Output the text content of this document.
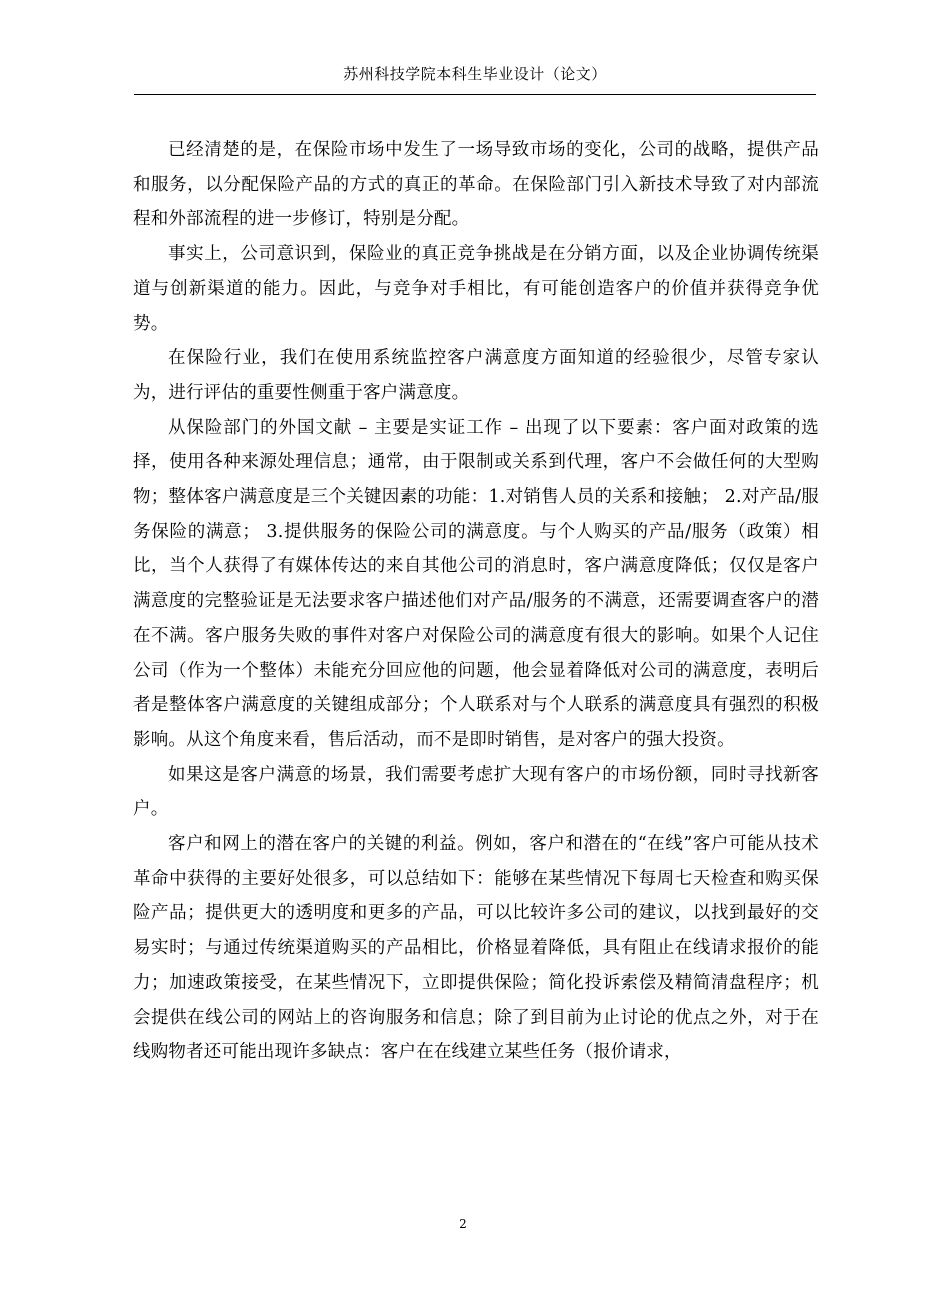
苏州科技学院本科生毕业设计（论文）

已经清楚的是，在保险市场中发生了一场导致市场的变化，公司的战略，提供产品和服务，以分配保险产品的方式的真正的革命。在保险部门引入新技术导致了对内部流程和外部流程的进一步修订，特别是分配。

事实上，公司意识到，保险业的真正竞争挑战是在分销方面，以及企业协调传统渠道与创新渠道的能力。因此，与竞争对手相比，有可能创造客户的价值并获得竞争优势。

在保险行业，我们在使用系统监控客户满意度方面知道的经验很少，尽管专家认为，进行评估的重要性侧重于客户满意度。

从保险部门的外国文献 – 主要是实证工作 – 出现了以下要素：客户面对政策的选择，使用各种来源处理信息；通常，由于限制或关系到代理，客户不会做任何的大型购物；整体客户满意度是三个关键因素的功能：1.对销售人员的关系和接触； 2.对产品/服务保险的满意； 3.提供服务的保险公司的满意度。与个人购买的产品/服务（政策）相比，当个人获得了有媒体传达的来自其他公司的消息时，客户满意度降低；仅仅是客户满意度的完整验证是无法要求客户描述他们对产品/服务的不满意，还需要调查客户的潜在不满。客户服务失败的事件对客户对保险公司的满意度有很大的影响。如果个人记住公司（作为一个整体）未能充分回应他的问题，他会显着降低对公司的满意度，表明后者是整体客户满意度的关键组成部分；个人联系对与个人联系的满意度具有强烈的积极影响。从这个角度来看，售后活动，而不是即时销售，是对客户的强大投资。

如果这是客户满意的场景，我们需要考虑扩大现有客户的市场份额，同时寻找新客户。

客户和网上的潜在客户的关键的利益。例如，客户和潜在的“在线”客户可能从技术革命中获得的主要好处很多，可以总结如下：能够在某些情况下每周七天检查和购买保险产品；提供更大的透明度和更多的产品，可以比较许多公司的建议，以找到最好的交易实时；与通过传统渠道购买的产品相比，价格显着降低，具有阻止在线请求报价的能力；加速政策接受，在某些情况下，立即提供保险；简化投诉索偿及精简清盘程序；机会提供在线公司的网站上的咨询服务和信息；除了到目前为止讨论的优点之外，对于在线购物者还可能出现许多缺点：客户在在线建立某些任务（报价请求，

2
